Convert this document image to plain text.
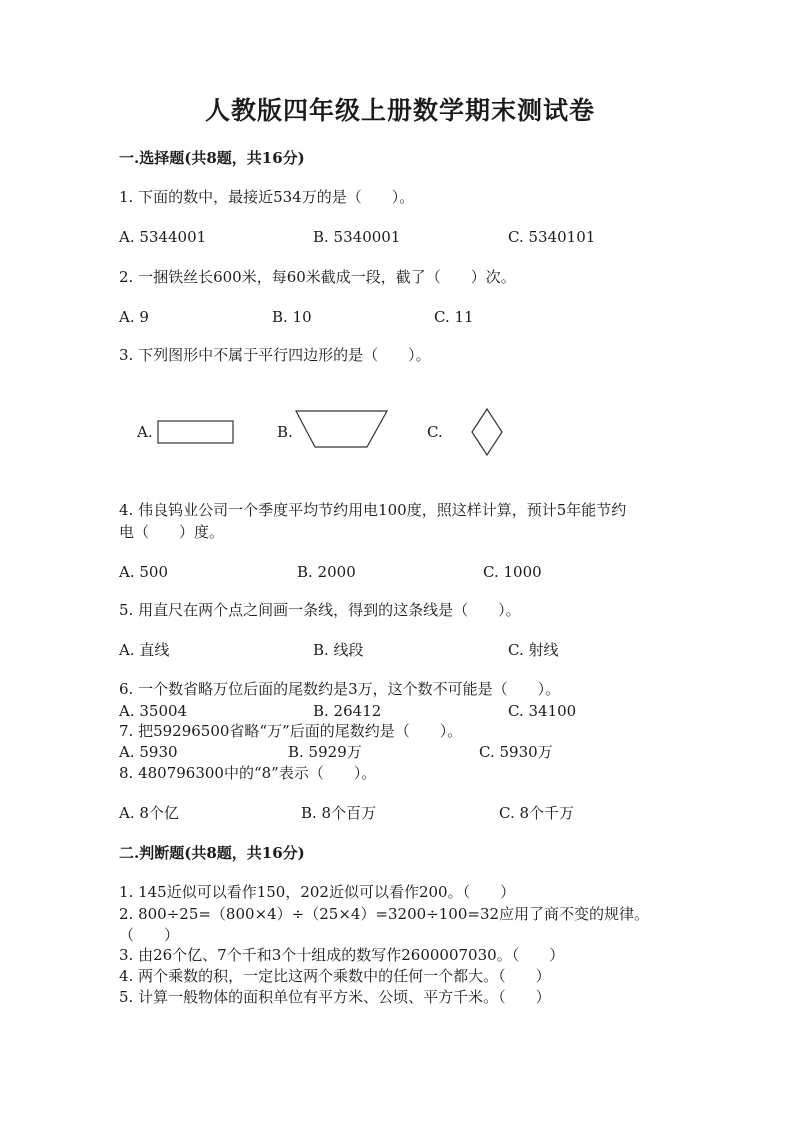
人教版四年级上册数学期末测试卷
一.选择题(共8题，共16分)
1. 下面的数中，最接近534万的是（　　）。
A. 5344001	B. 5340001	C. 5340101
2. 一捆铁丝长600米，每60米截成一段，截了（　　）次。
A. 9	B. 10	C. 11
3. 下列图形中不属于平行四边形的是（　　）。
A.	B.	C.
4. 伟良钨业公司一个季度平均节约用电100度，照这样计算，预计5年能节约
电（　　）度。
A. 500	B. 2000	C. 1000
5. 用直尺在两个点之间画一条线，得到的这条线是（　　）。
A. 直线	B. 线段	C. 射线
6. 一个数省略万位后面的尾数约是3万，这个数不可能是（　　）。
A. 35004	B. 26412	C. 34100
7. 把59296500省略“万”后面的尾数约是（　　）。
A. 5930	B. 5929万	C. 5930万
8. 480796300中的“8”表示（　　）。
A. 8个亿	B. 8个百万	C. 8个千万
二.判断题(共8题，共16分)
1. 145近似可以看作150，202近似可以看作200。（　　）
2. 800÷25=（800×4）÷（25×4）=3200÷100=32应用了商不变的规律。
（　　）
3. 由26个亿、7个千和3个十组成的数写作2600007030。（　　）
4. 两个乘数的积，一定比这两个乘数中的任何一个都大。（　　）
5. 计算一般物体的面积单位有平方米、公顷、平方千米。（　　）
